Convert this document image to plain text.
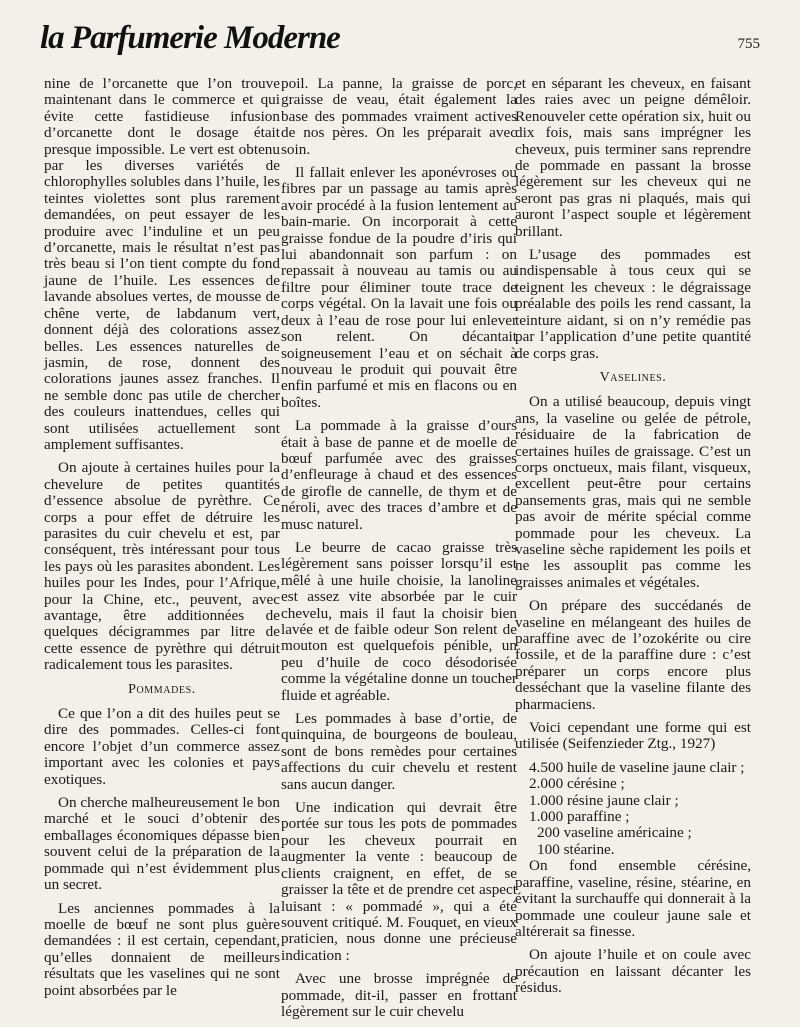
la Parfumerie Moderne	755

nine de l’orcanette que l’on trouve maintenant dans le commerce et qui évite cette fastidieuse infusion d’orcanette dont le dosage était presque impossible. Le vert est obtenu par les diverses variétés de chlorophylles solubles dans l’huile, les teintes violettes sont plus rarement demandées, on peut essayer de les produire avec l’induline et un peu d’orcanette, mais le résultat n’est pas très beau si l’on tient compte du fond jaune de l’huile. Les essences de lavande absolues vertes, de mousse de chêne verte, de labdanum vert, donnent déjà des colorations assez belles. Les essences naturelles de jasmin, de rose, donnent des colorations jaunes assez franches. Il ne semble donc pas utile de chercher des couleurs inattendues, celles qui sont utilisées actuellement sont amplement suffisantes.

On ajoute à certaines huiles pour la chevelure de petites quantités d’essence absolue de pyrèthre. Ce corps a pour effet de détruire les parasites du cuir chevelu et est, par conséquent, très intéressant pour tous les pays où les parasites abondent. Les huiles pour les Indes, pour l’Afrique, pour la Chine, etc., peuvent, avec avantage, être additionnées de quelques décigrammes par litre de cette essence de pyrèthre qui détruit radicalement tous les parasites.

Pommades.

Ce que l’on a dit des huiles peut se dire des pommades. Celles-ci font encore l’objet d’un commerce assez important avec les colonies et pays exotiques.

On cherche malheureusement le bon marché et le souci d’obtenir des emballages économiques dépasse bien souvent celui de la préparation de la pommade qui n’est évidemment plus un secret.

Les anciennes pommades à la moelle de bœuf ne sont plus guère demandées : il est certain, cependant, qu’elles donnaient de meilleurs résultats que les vaselines qui ne sont point absorbées par le

poil. La panne, la graisse de porc, graisse de veau, était également la base des pommades vraiment actives de nos pères. On les préparait avec soin.

Il fallait enlever les aponévroses ou fibres par un passage au tamis après avoir procédé à la fusion lentement au bain-marie. On incorporait à cette graisse fondue de la poudre d’iris qui lui abandonnait son parfum : on repassait à nouveau au tamis ou au filtre pour éliminer toute trace de corps végétal. On la lavait une fois ou deux à l’eau de rose pour lui enlever son relent. On décantait soigneusement l’eau et on séchait à nouveau le produit qui pouvait être enfin parfumé et mis en flacons ou en boîtes.

La pommade à la graisse d’ours était à base de panne et de moelle de bœuf parfumée avec des graisses d’enfleurage à chaud et des essences de girofle de cannelle, de thym et de néroli, avec des traces d’ambre et de musc naturel.

Le beurre de cacao graisse très légèrement sans poisser lorsqu’il est mêlé à une huile choisie, la lanoline est assez vite absorbée par le cuir chevelu, mais il faut la choisir bien lavée et de faible odeur Son relent de mouton est quelquefois pénible, un peu d’huile de coco désodorisée comme la végétaline donne un toucher fluide et agréable.

Les pommades à base d’ortie, de quinquina, de bourgeons de bouleau, sont de bons remèdes pour certaines affections du cuir chevelu et restent sans aucun danger.

Une indication qui devrait être portée sur tous les pots de pommades pour les cheveux pourrait en augmenter la vente : beaucoup de clients craignent, en effet, de se graisser la tête et de prendre cet aspect luisant : « pommadé », qui a été souvent critiqué. M. Fouquet, en vieux praticien, nous donne une précieuse indication :

Avec une brosse imprégnée de pommade, dit-il, passer en frottant légèrement sur le cuir chevelu

et en séparant les cheveux, en faisant des raies avec un peigne démêloir. Renouveler cette opération six, huit ou dix fois, mais sans imprégner les cheveux, puis terminer sans reprendre de pommade en passant la brosse légèrement sur les cheveux qui ne seront pas gras ni plaqués, mais qui auront l’aspect souple et légèrement brillant.

L’usage des pommades est indispensable à tous ceux qui se teignent les cheveux : le dégraissage préalable des poils les rend cassant, la teinture aidant, si on n’y remédie pas par l’application d’une petite quantité de corps gras.

Vaselines.

On a utilisé beaucoup, depuis vingt ans, la vaseline ou gelée de pétrole, résiduaire de la fabrication de certaines huiles de graissage. C’est un corps onctueux, mais filant, visqueux, excellent peut-être pour certains pansements gras, mais qui ne semble pas avoir de mérite spécial comme pommade pour les cheveux. La vaseline sèche rapidement les poils et ne les assouplit pas comme les graisses animales et végétales.

On prépare des succédanés de vaseline en mélangeant des huiles de paraffine avec de l’ozokérite ou cire fossile, et de la paraffine dure : c’est préparer un corps encore plus desséchant que la vaseline filante des pharmaciens.

Voici cependant une forme qui est utilisée (Seifenzieder Ztg., 1927)

4.500 huile de vaseline jaune clair ;
2.000 cérésine ;
1.000 résine jaune clair ;
1.000 paraffine ;
200 vaseline américaine ;
100 stéarine.

On fond ensemble cérésine, paraffine, vaseline, résine, stéarine, en évitant la surchauffe qui donnerait à la pommade une couleur jaune sale et altérerait sa finesse.

On ajoute l’huile et on coule avec précaution en laissant décanter les résidus.
